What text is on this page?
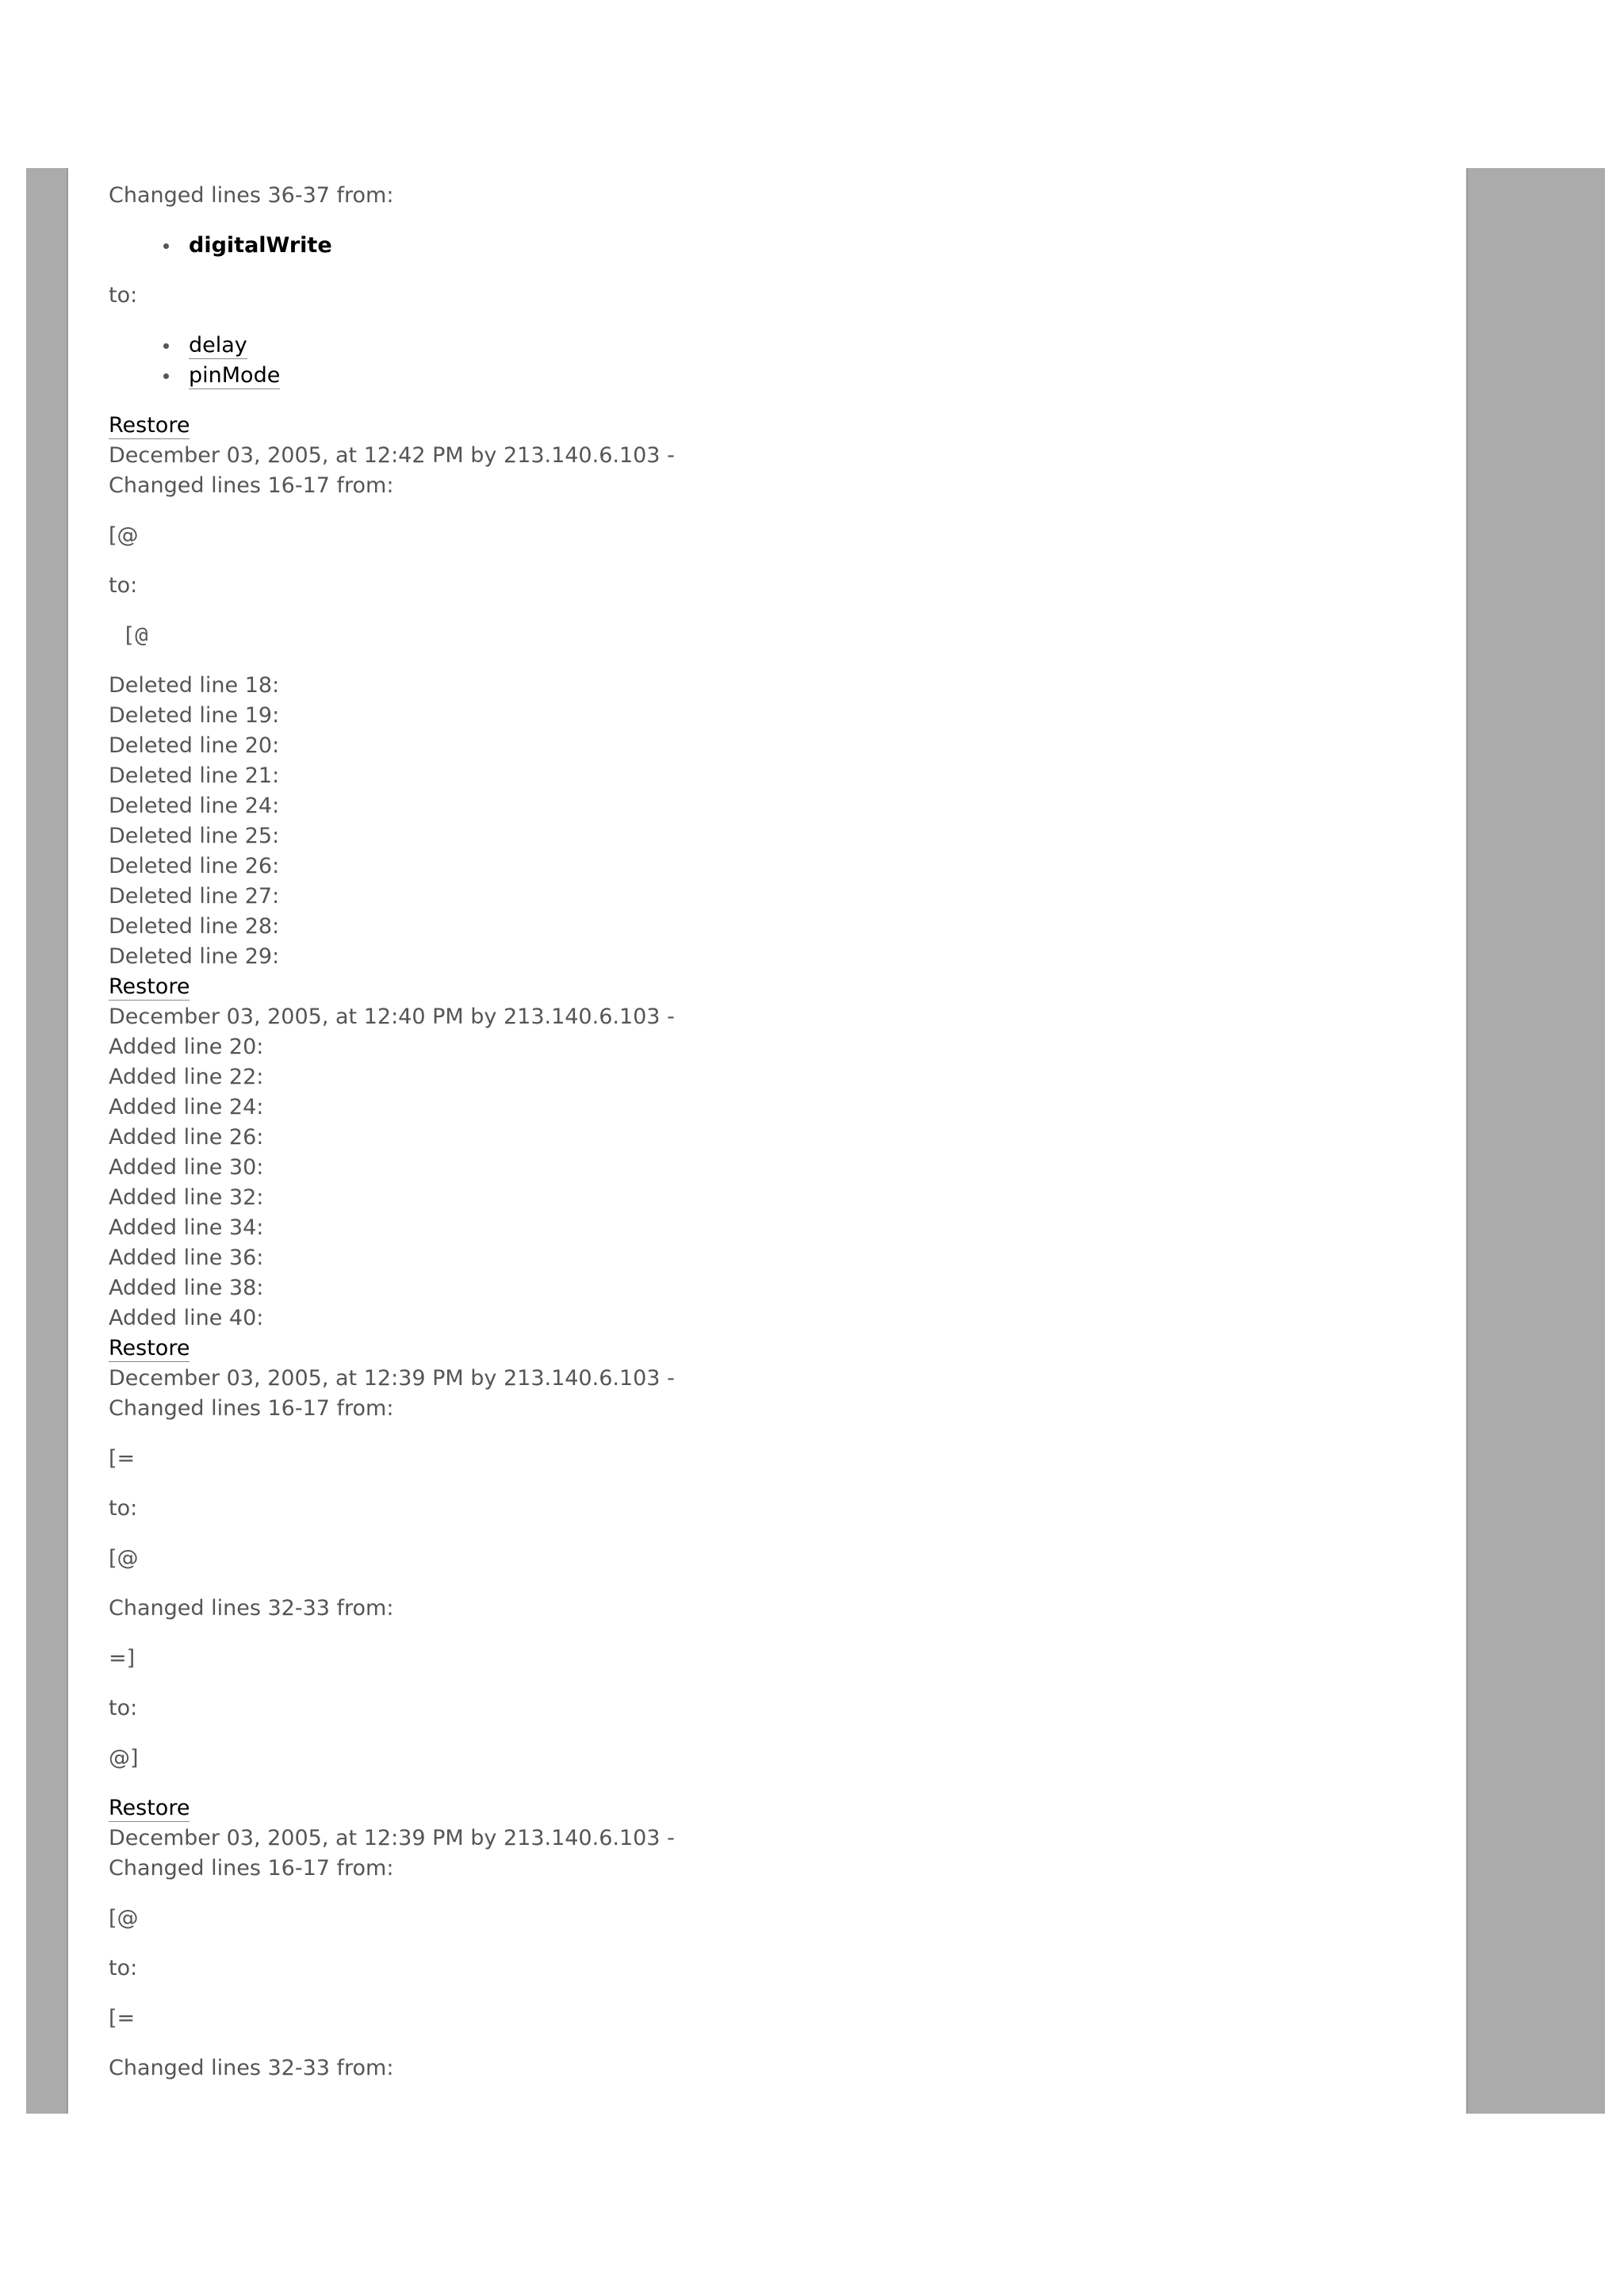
Changed lines 36-37 from:
digitalWrite
to:
delay
pinMode
Restore
December 03, 2005, at 12:42 PM by 213.140.6.103 -
Changed lines 16-17 from:
[@
to:
[@
Deleted line 18:
Deleted line 19:
Deleted line 20:
Deleted line 21:
Deleted line 24:
Deleted line 25:
Deleted line 26:
Deleted line 27:
Deleted line 28:
Deleted line 29:
Restore
December 03, 2005, at 12:40 PM by 213.140.6.103 -
Added line 20:
Added line 22:
Added line 24:
Added line 26:
Added line 30:
Added line 32:
Added line 34:
Added line 36:
Added line 38:
Added line 40:
Restore
December 03, 2005, at 12:39 PM by 213.140.6.103 -
Changed lines 16-17 from:
[=
to:
[@
Changed lines 32-33 from:
=]
to:
@]
Restore
December 03, 2005, at 12:39 PM by 213.140.6.103 -
Changed lines 16-17 from:
[@
to:
[=
Changed lines 32-33 from:
